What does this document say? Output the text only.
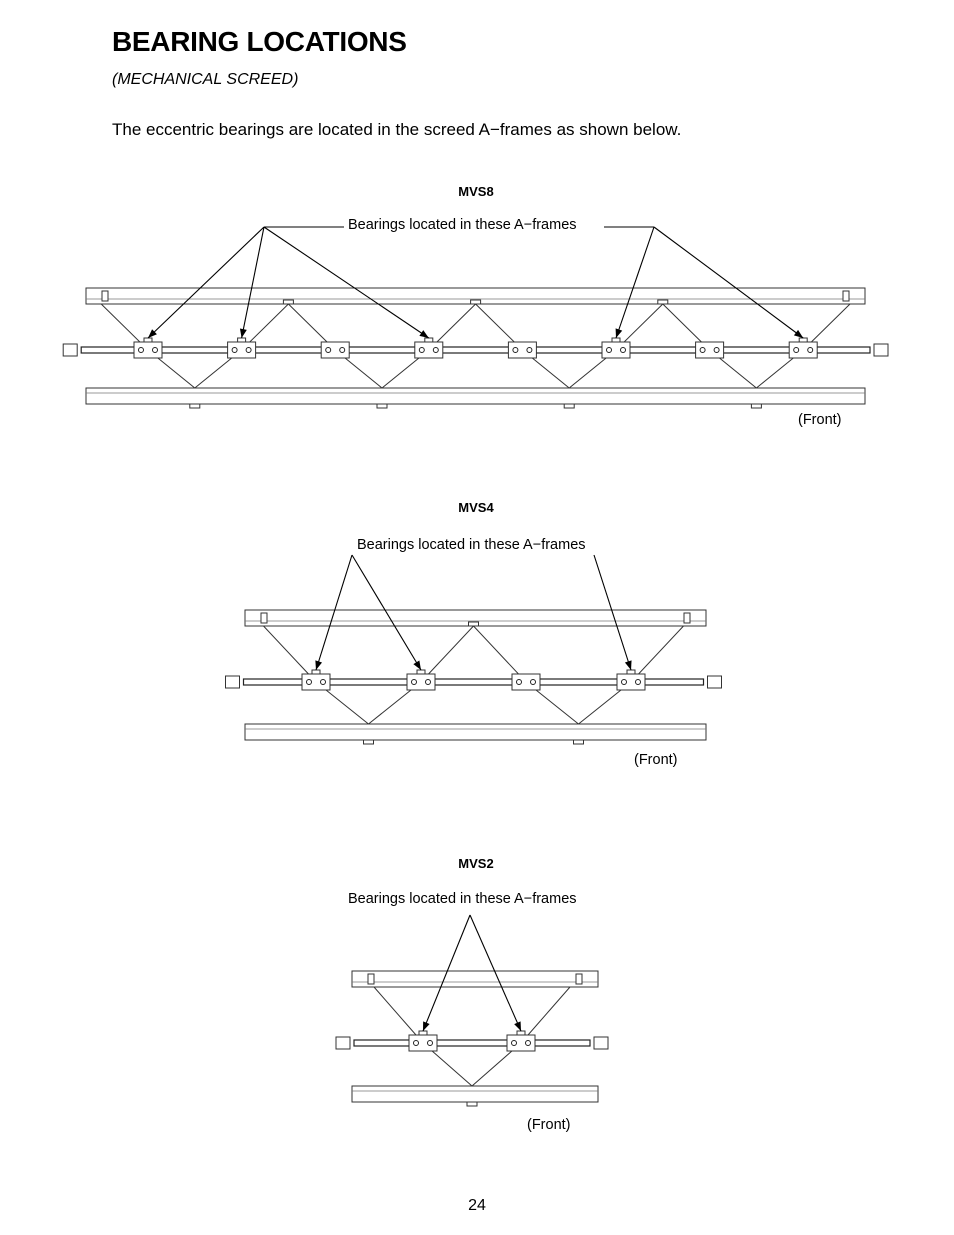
BEARING LOCATIONS
(MECHANICAL SCREED)
The eccentric bearings are located in the screed A−frames as shown below.
MVS8
Bearings located in these A−frames
(Front)
MVS4
Bearings located in these A−frames
(Front)
MVS2
Bearings located in these A−frames
(Front)
24
